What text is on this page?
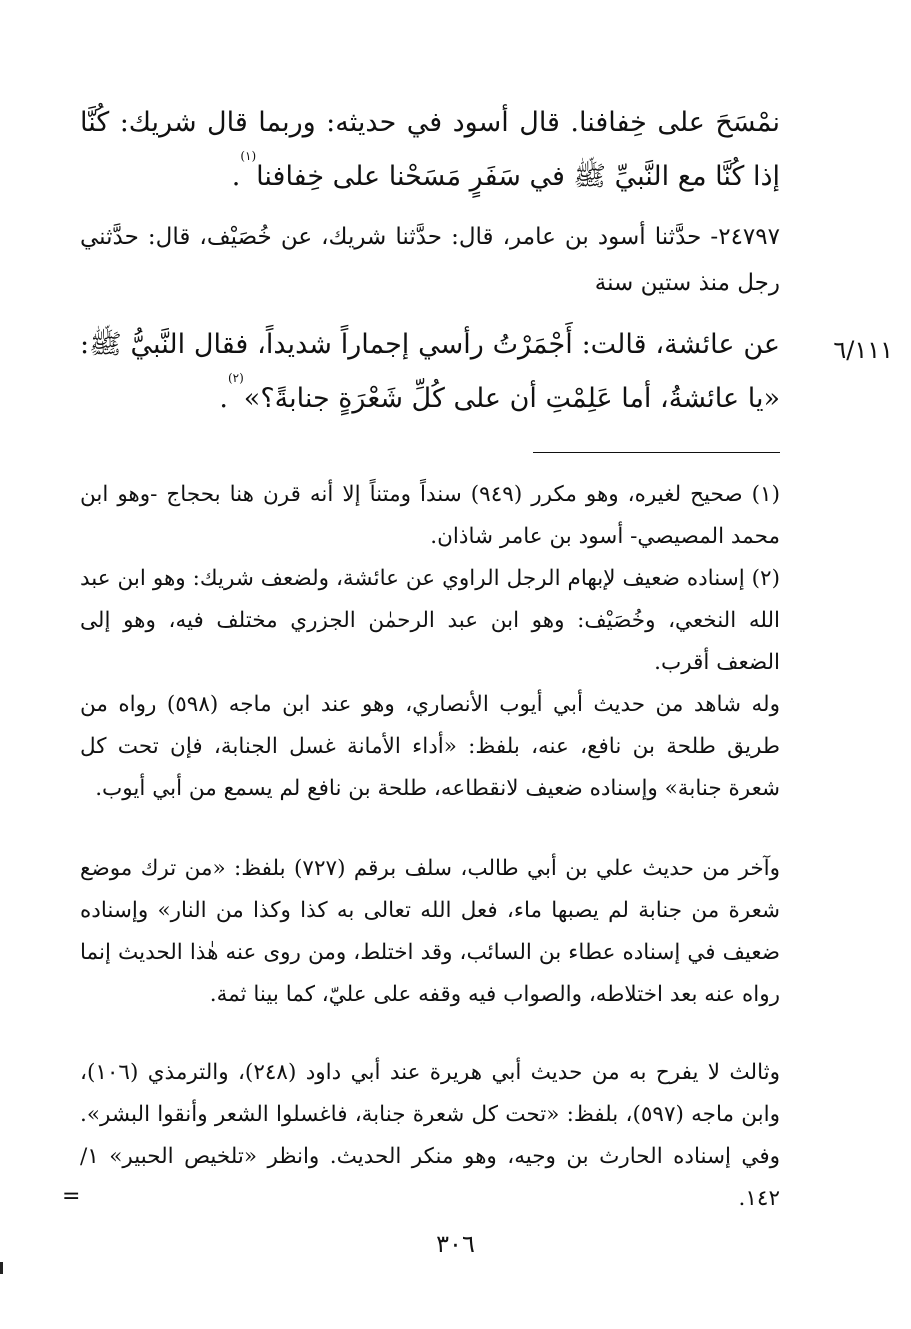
نمْسَحَ على خِفافنا. قال أسود في حديثه: وربما قال شريك: كُنَّا إذا كُنَّا مع النَّبيِّ ﷺ في سَفَرٍ مَسَحْنا على خِفافنا$^{(١)}$.
٢٤٧٩٧- حدَّثنا أسود بن عامر، قال: حدَّثنا شريك، عن خُصَيْف، قال: حدَّثني رجل منذ ستين سنة
٦/١١١
عن عائشة، قالت: أَجْمَرْتُ رأسي إجماراً شديداً، فقال النَّبيُّ ﷺ: «يا عائشةُ، أما عَلِمْتِ أن على كُلِّ شَعْرَةٍ جنابةً؟»$^{(٢)}$.
(١) صحيح لغيره، وهو مكرر (٩٤٩) سنداً ومتناً إلا أنه قرن هنا بحجاج -وهو ابن محمد المصيصي- أسود بن عامر شاذان.
(٢) إسناده ضعيف لإبهام الرجل الراوي عن عائشة، ولضعف شريك: وهو ابن عبد الله النخعي، وخُصَيْف: وهو ابن عبد الرحمٰن الجزري مختلف فيه، وهو إلى الضعف أقرب.
وله شاهد من حديث أبي أيوب الأنصاري، وهو عند ابن ماجه (٥٩٨) رواه من طريق طلحة بن نافع، عنه، بلفظ: «أداء الأمانة غسل الجنابة، فإن تحت كل شعرة جنابة» وإسناده ضعيف لانقطاعه، طلحة بن نافع لم يسمع من أبي أيوب.
وآخر من حديث علي بن أبي طالب، سلف برقم (٧٢٧) بلفظ: «من ترك موضع شعرة من جنابة لم يصبها ماء، فعل الله تعالى به كذا وكذا من النار» وإسناده ضعيف في إسناده عطاء بن السائب، وقد اختلط، ومن روى عنه هٰذا الحديث إنما رواه عنه بعد اختلاطه، والصواب فيه وقفه على عليّ، كما بينا ثمة.
وثالث لا يفرح به من حديث أبي هريرة عند أبي داود (٢٤٨)، والترمذي (١٠٦)، وابن ماجه (٥٩٧)، بلفظ: «تحت كل شعرة جنابة، فاغسلوا الشعر وأنقوا البشر». وفي إسناده الحارث بن وجيه، وهو منكر الحديث. وانظر «تلخيص الحبير» ١/ ١٤٢.
=
٣٠٦
